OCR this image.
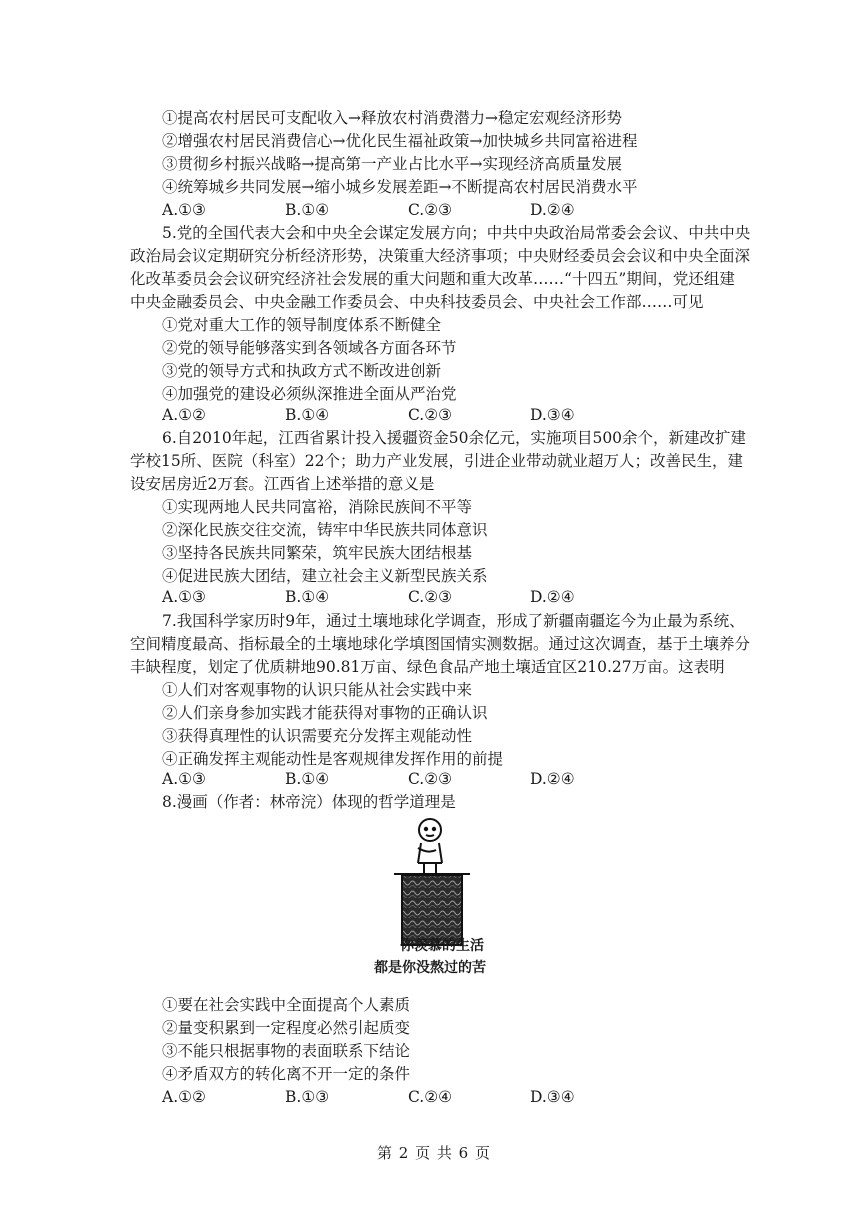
①提高农村居民可支配收入→释放农村消费潜力→稳定宏观经济形势
②增强农村居民消费信心→优化民生福祉政策→加快城乡共同富裕进程
③贯彻乡村振兴战略→提高第一产业占比水平→实现经济高质量发展
④统筹城乡共同发展→缩小城乡发展差距→不断提高农村居民消费水平
A.①③	B.①④	C.②③	D.②④
5.党的全国代表大会和中央全会谋定发展方向；中共中央政治局常委会会议、中共中央
政治局会议定期研究分析经济形势，决策重大经济事项；中央财经委员会会议和中央全面深
化改革委员会会议研究经济社会发展的重大问题和重大改革……“十四五”期间，党还组建
中央金融委员会、中央金融工作委员会、中央科技委员会、中央社会工作部……可见
①党对重大工作的领导制度体系不断健全
②党的领导能够落实到各领域各方面各环节
③党的领导方式和执政方式不断改进创新
④加强党的建设必须纵深推进全面从严治党
A.①②	B.①④	C.②③	D.③④
6.自2010年起，江西省累计投入援疆资金50余亿元，实施项目500余个，新建改扩建
学校15所、医院（科室）22个；助力产业发展，引进企业带动就业超万人；改善民生，建
设安居房近2万套。江西省上述举措的意义是
①实现两地人民共同富裕，消除民族间不平等
②深化民族交往交流，铸牢中华民族共同体意识
③坚持各民族共同繁荣，筑牢民族大团结根基
④促进民族大团结，建立社会主义新型民族关系
A.①③	B.①④	C.②③	D.②④
7.我国科学家历时9年，通过土壤地球化学调查，形成了新疆南疆迄今为止最为系统、
空间精度最高、指标最全的土壤地球化学填图国情实测数据。通过这次调查，基于土壤养分
丰缺程度，划定了优质耕地90.81万亩、绿色食品产地土壤适宜区210.27万亩。这表明
①人们对客观事物的认识只能从社会实践中来
②人们亲身参加实践才能获得对事物的正确认识
③获得真理性的认识需要充分发挥主观能动性
④正确发挥主观能动性是客观规律发挥作用的前提
A.①③	B.①④	C.②③	D.②④
8.漫画（作者：林帝浣）体现的哲学道理是
你羡慕的生活
都是你没熬过的苦
①要在社会实践中全面提高个人素质
②量变积累到一定程度必然引起质变
③不能只根据事物的表面联系下结论
④矛盾双方的转化离不开一定的条件
A.①②	B.①③	C.②④	D.③④
第 2 页 共 6 页
